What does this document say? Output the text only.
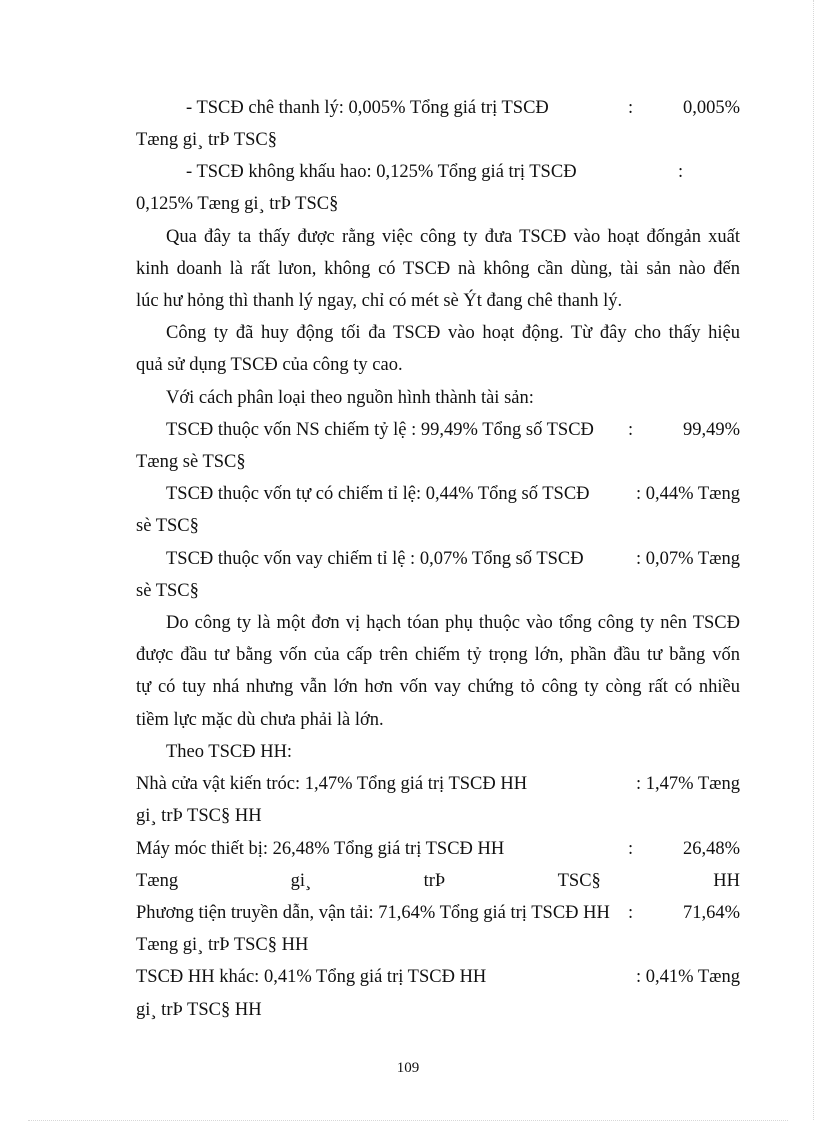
- TSCĐ chê thanh lý: 0,005% Tổng giá trị TSCĐ	:	0,005%
Tæng gi¸ trÞ TSC§
- TSCĐ không khấu hao: 0,125% Tổng giá trị TSCĐ	:
0,125% Tæng gi¸ trÞ TSC§
Qua đây ta thấy được rằng việc công ty đưa TSCĐ vào hoạt đốngản xuất
kinh doanh là rất lưon, không có TSCĐ nà không cần dùng, tài sản nào đến
lúc hư hỏng thì thanh lý ngay, chỉ có mét sè Ýt đang chê thanh lý.
Công ty đã huy động tối đa TSCĐ vào hoạt động. Từ đây cho thấy hiệu
quả sử dụng TSCĐ của công ty cao.
Với cách phân loại theo nguồn hình thành tài sản:
TSCĐ thuộc vốn NS chiếm tỷ lệ : 99,49% Tổng số TSCĐ :	99,49%
Tæng sè TSC§
TSCĐ thuộc vốn tự có chiếm tỉ lệ: 0,44% Tổng số TSCĐ	: 0,44% Tæng
sè TSC§
TSCĐ thuộc vốn vay chiếm tỉ lệ : 0,07% Tổng số TSCĐ	: 0,07% Tæng
sè TSC§
Do công ty là một đơn vị hạch tóan phụ thuộc vào tổng công ty nên TSCĐ
được đầu tư bằng vốn của cấp trên chiếm tỷ trọng lớn, phần đầu tư bằng vốn
tự có tuy nhá nhưng vẫn lớn hơn vốn vay chứng tỏ công ty còng rất có nhiều
tiềm lực mặc dù chưa phải là lớn.
Theo TSCĐ HH:
Nhà cửa vật kiến tróc: 1,47% Tổng giá trị TSCĐ HH	: 1,47% Tæng
gi¸ trÞ TSC§ HH
Máy móc thiết bị: 26,48% Tổng giá trị TSCĐ HH	:	26,48%
Tæng	gi¸	trÞ	TSC§	HH
Phương tiện truyền dẫn, vận tải: 71,64% Tổng giá trị TSCĐ HH :	71,64%
Tæng gi¸ trÞ TSC§ HH
TSCĐ HH khác: 0,41% Tổng giá trị TSCĐ HH	: 0,41% Tæng
gi¸ trÞ TSC§ HH
109
